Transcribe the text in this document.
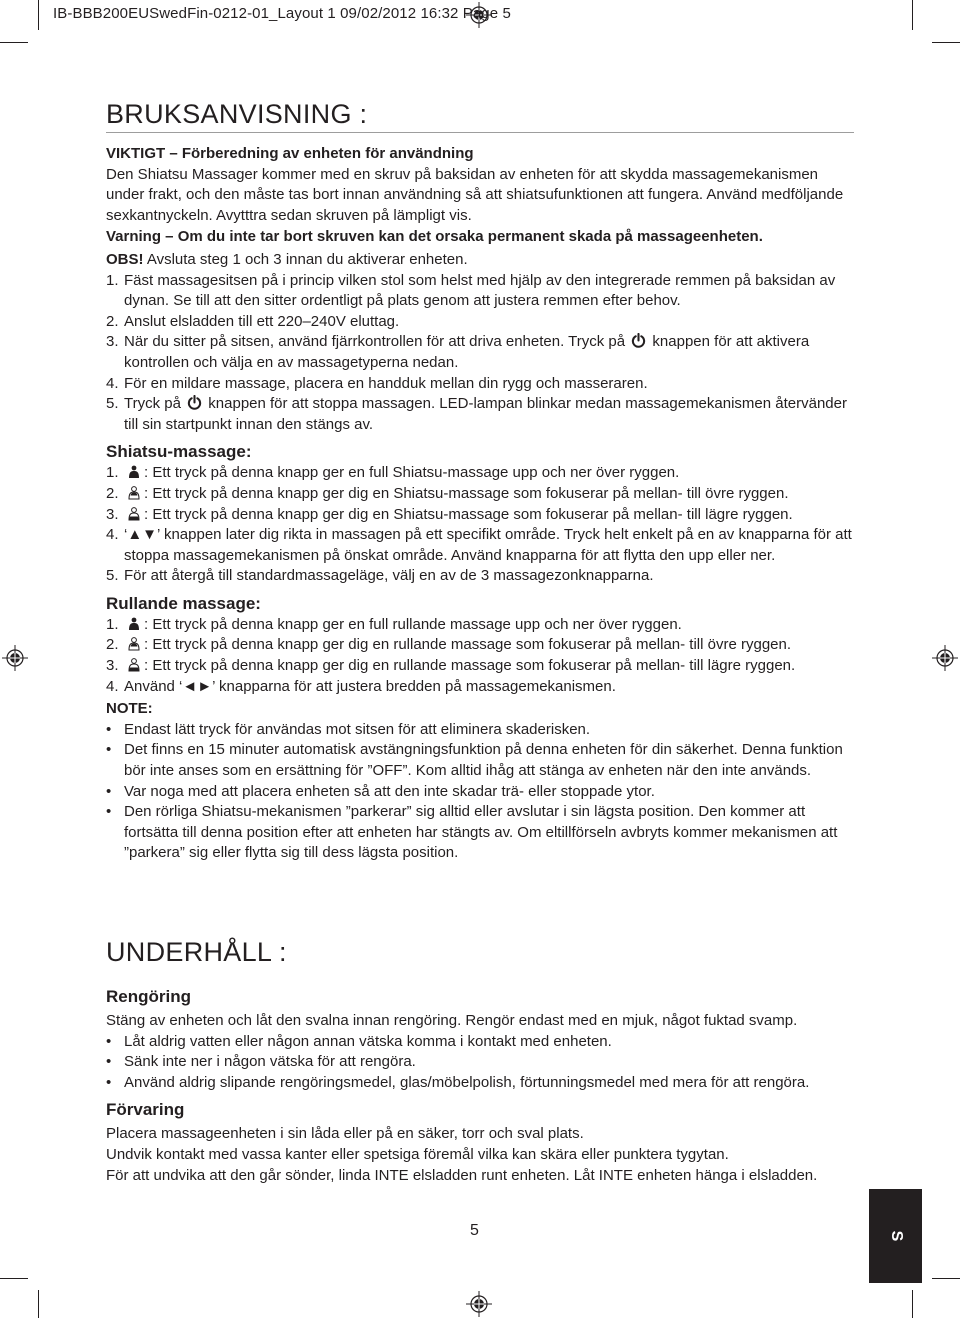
IB-BBB200EUSwedFin-0212-01_Layout 1 09/02/2012 16:32 Page 5
BRUKSANVISNING :

VIKTIGT – Förberedning av enheten för användning

Den Shiatsu Massager kommer med en skruv på baksidan av enheten för att skydda massagemekanismen under frakt, och den måste tas bort innan användning så att shiatsufunktionen att fungera. Använd medföljande sexkantnyckeln. Avytttra sedan skruven på lämpligt vis.

Varning – Om du inte tar bort skruven kan det orsaka permanent skada på massageenheten.

OBS! Avsluta steg 1 och 3 innan du aktiverar enheten.

1. Fäst massagesitsen på i princip vilken stol som helst med hjälp av den integrerade remmen på baksidan av dynan. Se till att den sitter ordentligt på plats genom att justera remmen efter behov.
2. Anslut elsladden till ett 220–240V eluttag.
3. När du sitter på sitsen, använd fjärrkontrollen för att driva enheten. Tryck på  knappen för att aktivera kontrollen och välja en av massagetyperna nedan.
4. För en mildare massage, placera en handduk mellan din rygg och masseraren.
5. Tryck på  knappen för att stoppa massagen. LED-lampan blinkar medan massagemekanismen återvänder till sin startpunkt innan den stängs av.

Shiatsu-massage:

1.	: Ett tryck på denna knapp ger en full Shiatsu-massage upp och ner över ryggen.
2.	: Ett tryck på denna knapp ger dig en Shiatsu-massage som fokuserar på mellan- till övre ryggen.
3.	: Ett tryck på denna knapp ger dig en Shiatsu-massage som fokuserar på mellan- till lägre ryggen.
4. ‘▲▼’ knappen later dig rikta in massagen på ett specifikt område. Tryck helt enkelt på en av knapparna för att stoppa massagemekanismen på önskat område. Använd knapparna för att flytta den upp eller ner.
5. För att återgå till standardmassageläge, välj en av de 3 massagezonknapparna.

Rullande massage:

1.	: Ett tryck på denna knapp ger en full rullande massage upp och ner över ryggen.
2.	: Ett tryck på denna knapp ger dig en rullande massage som fokuserar på mellan- till övre ryggen.
3.	: Ett tryck på denna knapp ger dig en rullande massage som fokuserar på mellan- till lägre ryggen.
4. Använd ‘◄►’ knapparna för att justera bredden på massagemekanismen.

NOTE:

• Endast lätt tryck för användas mot sitsen för att eliminera skaderisken.
• Det finns en 15 minuter automatisk avstängningsfunktion på denna enheten för din säkerhet. Denna funktion bör inte anses som en ersättning för ”OFF”. Kom alltid ihåg att stänga av enheten när den inte används.
• Var noga med att placera enheten så att den inte skadar trä- eller stoppade ytor.
• Den rörliga Shiatsu-mekanismen ”parkerar” sig alltid eller avslutar i sin lägsta position. Den kommer att fortsätta till denna position efter att enheten har stängts av. Om eltillförseln avbryts kommer mekanismen att ”parkera” sig eller flytta sig till dess lägsta position.
UNDERHÅLL :

Rengöring

Stäng av enheten och låt den svalna innan rengöring. Rengör endast med en mjuk, något fuktad svamp.

• Låt aldrig vatten eller någon annan vätska komma i kontakt med enheten.
• Sänk inte ner i någon vätska för att rengöra.
• Använd aldrig slipande rengöringsmedel, glas/möbelpolish, förtunningsmedel med mera för att rengöra.

Förvaring

Placera massageenheten i sin låda eller på en säker, torr och sval plats.

Undvik kontakt med vassa kanter eller spetsiga föremål vilka kan skära eller punktera tygytan.

För att undvika att den går sönder, linda INTE elsladden runt enheten. Låt INTE enheten hänga i elsladden.

5	S
